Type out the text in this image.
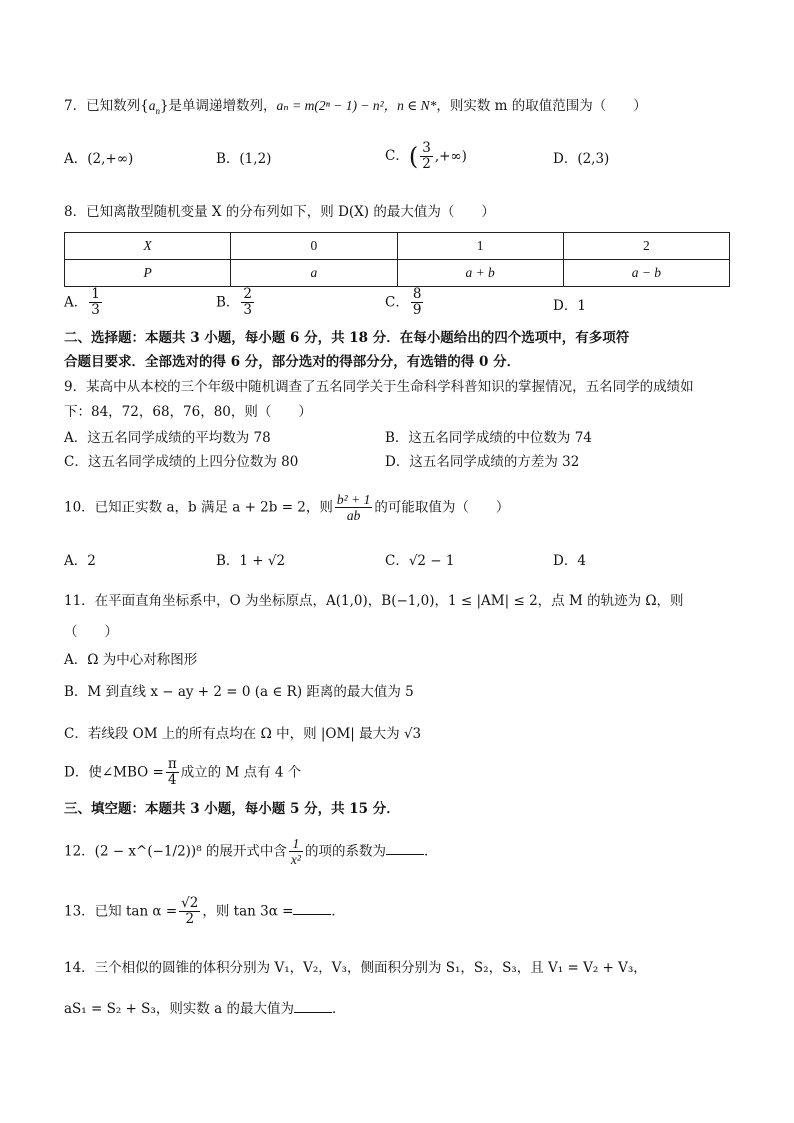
7．已知数列$\{a_n\}$是单调递增数列，aₙ = m(2ⁿ − 1) − n²，n ∈ N*，则实数 m 的取值范围为（　　）
A．(2,+∞)	B．(1,2)	C．( $\frac{3}{2}$ ,+∞)	D．(2,3)
8．已知离散型随机变量 X 的分布列如下，则 D(X) 的最大值为（　　）
X	0	1	2
P	a	a + b	a − b
A． $\frac{1}{3}$	B． $\frac{2}{3}$	C． $\frac{8}{9}$	D．1
二、选择题：本题共 3 小题，每小题 6 分，共 18 分．在每小题给出的四个选项中，有多项符
合题目要求．全部选对的得 6 分，部分选对的得部分分，有选错的得 0 分．
9．某高中从本校的三个年级中随机调查了五名同学关于生命科学科普知识的掌握情况，五名同学的成绩如
下：84，72，68，76，80，则（　　）
A．这五名同学成绩的平均数为 78	B．这五名同学成绩的中位数为 74
C．这五名同学成绩的上四分位数为 80	D．这五名同学成绩的方差为 32
10．已知正实数 a，b 满足 a + 2b = 2，则 $\frac{\text{b² + 1}}{ab}$ 的可能取值为（　　）
A．2	B．1 + √2	C．√2 − 1	D．4
11．在平面直角坐标系中，O 为坐标原点，A(1,0)，B(−1,0)，1 ≤ |AM| ≤ 2，点 M 的轨迹为 Ω，则
（　　）
A．Ω 为中心对称图形
B．M 到直线 x − ay + 2 = 0 (a ∈ R) 距离的最大值为 5
C．若线段 OM 上的所有点均在 Ω 中，则 |OM| 最大为 √3
D．使∠MBO = $\frac{\pi}{4}$ 成立的 M 点有 4 个
三、填空题：本题共 3 小题，每小题 5 分，共 15 分．
12．(2 − x^(−1/2))⁸ 的展开式中含 $\frac{1}{\text{x²}}$ 的项的系数为	．
13．已知 $\tan \alpha = \frac{√2}{2}$ ，则 tan 3α =	．
14．三个相似的圆锥的体积分别为 V₁，V₂，V₃，侧面积分别为 S₁，S₂，S₃，且 V₁ = V₂ + V₃，
aS₁ = S₂ + S₃，则实数 a 的最大值为	．
